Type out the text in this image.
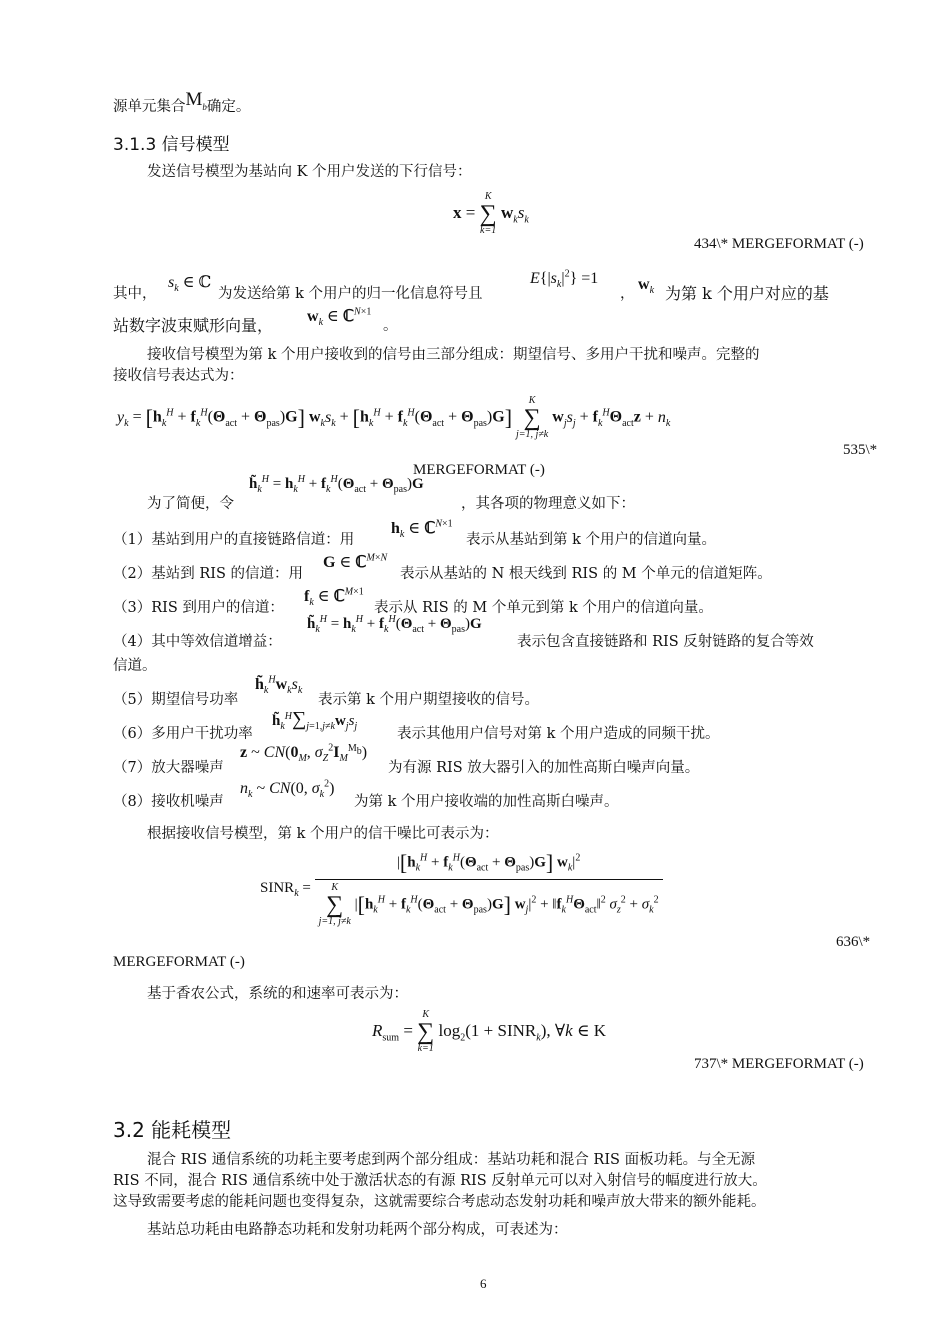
源单元集合$M_b$确定。
3.1.3 信号模型
发送信号模型为基站向 K 个用户发送的下行信号：
x =
K
∑
k=1
$w_ks_k$
434\* MERGEFORMAT (-)
其中，
$s_k$ ∈ ℂ
为发送给第 k 个用户的归一化信息符号且
$E\{|s_k|^2\} =1$
，
$w_k$ 为第 k 个用户对应的基
站数字波束赋形向量， $w_k$ ∈ ℂ$^{N\times 1}$
。
接收信号模型为第 k 个用户接收到的信号由三部分组成：期望信号、多用户干扰和噪声。完整的
接收信号表达式为：
$y_k = [h_k^H + f_k^H(\Theta_{act} + \Theta_{pas})G] w_ks_k + [h_k^H + f_k^H(\Theta_{act} + \Theta_{pas})G]$
K
∑
j=1, j≠k
$w_js_j + f_k^H\Theta_{act}z + n_k$
535\*
MERGEFORMAT (-)
为了简便，令
$h̃_k^H = h_k^H + f_k^H(\Theta_{act} + \Theta_{pas})G$
，其各项的物理意义如下：
（1）基站到用户的直接链路信道：用
$h_k$ ∈ ℂ$^{N\times 1}$
表示从基站到第 k 个用户的信道向量。
（2）基站到 RIS 的信道：用
G ∈ ℂ$^{M\times N}$
表示从基站的 N 根天线到 RIS 的 M 个单元的信道矩阵。
（3）RIS 到用户的信道：
$f_k$ ∈ ℂ$^{M\times 1}$
表示从 RIS 的 M 个单元到第 k 个用户的信道向量。
（4）其中等效信道增益：
$h̃_k^H = h_k^H + f_k^H(\Theta_{act} + \Theta_{pas})G$
表示包含直接链路和 RIS 反射链路的复合等效
信道。
（5）期望信号功率
$h̃_k^Hw_ks_k$
表示第 k 个用户期望接收的信号。
（6）多用户干扰功率
$h̃_k^H\sum_{j=1,j\ne k}w_js_j$	表示其他用户信号对第 k 个用户造成的同频干扰。
（7）放大器噪声
z ~ $CN(0_M$, $\sigma_Z^2I_M^{M_b}$)
为有源 RIS 放大器引入的加性高斯白噪声向量。
（8）接收机噪声
$n_k$ ~ CN(0, $\sigma_k^2$)
为第 k 个用户接收端的加性高斯白噪声。
根据接收信号模型，第 k 个用户的信干噪比可表示为：
$SINR_k$ =
$|[h_k^H + f_k^H(\Theta_{act} + \Theta_{pas})G]$ $w_k|^2$
K
∑
j=1, j≠k
$|[h_k^H + f_k^H(\Theta_{act} + \Theta_{pas})G] w_j|^2$ + $‖f_k^H\Theta_{act}‖^2$ $\sigma_z^2 + \sigma_k^2$
636\*
MERGEFORMAT (-)
基于香农公式，系统的和速率可表示为：
$R_{sum}$ =
K
∑
k=1
$\log_2(1$ + $SINR_k$), ∀k ∈ K
737\* MERGEFORMAT (-)
3.2 能耗模型
混合 RIS 通信系统的功耗主要考虑到两个部分组成：基站功耗和混合 RIS 面板功耗。与全无源
RIS 不同，混合 RIS 通信系统中处于激活状态的有源 RIS 反射单元可以对入射信号的幅度进行放大。
这导致需要考虑的能耗问题也变得复杂，这就需要综合考虑动态发射功耗和噪声放大带来的额外能耗。
基站总功耗由电路静态功耗和发射功耗两个部分构成，可表述为：
6
